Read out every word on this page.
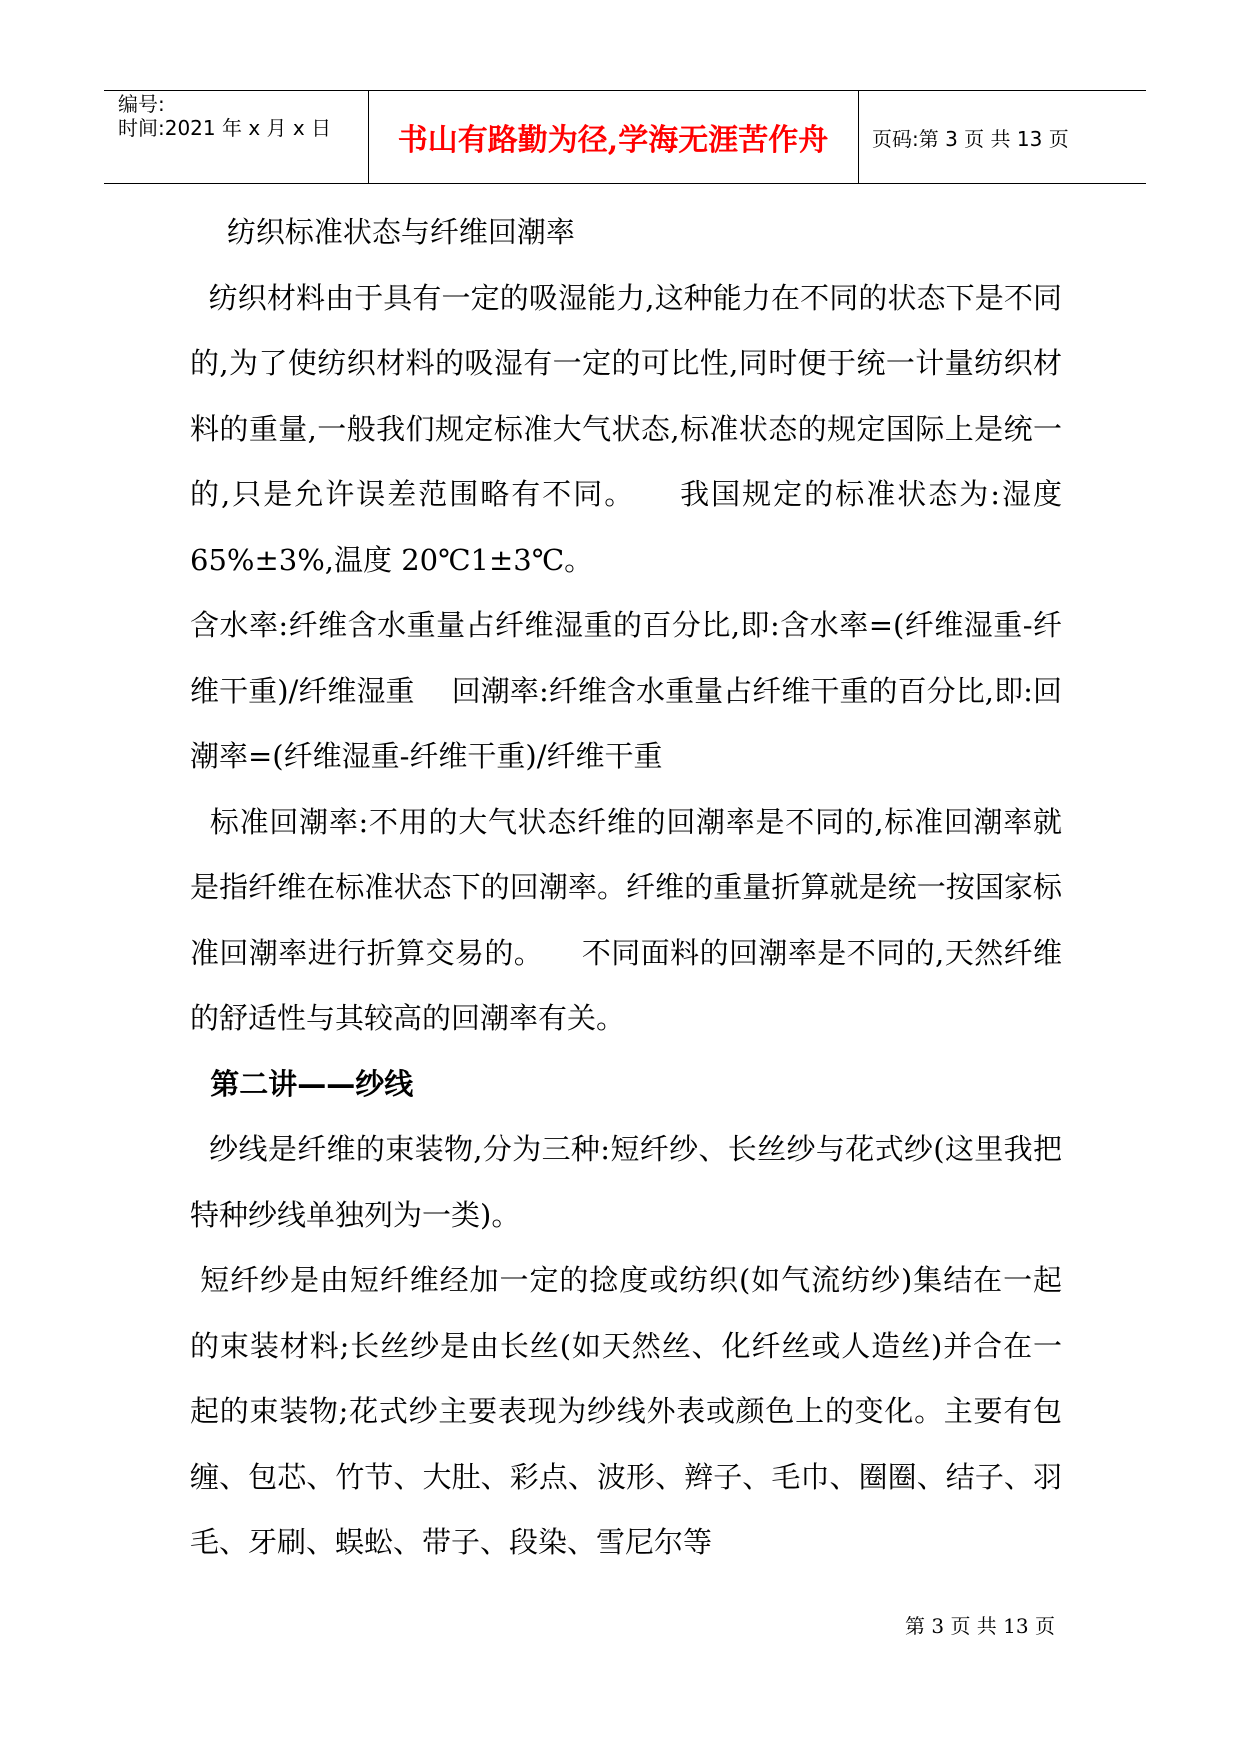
编号:
时间:2021 年 x 月 x 日	书山有路勤为径,学海无涯苦作舟	页码:第 3 页 共 13 页

纺织标准状态与纤维回潮率

纺织材料由于具有一定的吸湿能力,这种能力在不同的状态下是不同的,为了使纺织材料的吸湿有一定的可比性,同时便于统一计量纺织材料的重量,一般我们规定标准大气状态,标准状态的规定国际上是统一的,只是允许误差范围略有不同。    我国规定的标准状态为:湿度 65%±3%,温度 20℃1±3℃。

含水率:纤维含水重量占纤维湿重的百分比,即:含水率=(纤维湿重-纤维干重)/纤维湿重    回潮率:纤维含水重量占纤维干重的百分比,即:回潮率=(纤维湿重-纤维干重)/纤维干重

标准回潮率:不用的大气状态纤维的回潮率是不同的,标准回潮率就是指纤维在标准状态下的回潮率。纤维的重量折算就是统一按国家标准回潮率进行折算交易的。    不同面料的回潮率是不同的,天然纤维的舒适性与其较高的回潮率有关。

第二讲——纱线

纱线是纤维的束装物,分为三种:短纤纱、长丝纱与花式纱(这里我把特种纱线单独列为一类)。

短纤纱是由短纤维经加一定的捻度或纺织(如气流纺纱)集结在一起的束装材料;长丝纱是由长丝(如天然丝、化纤丝或人造丝)并合在一起的束装物;花式纱主要表现为纱线外表或颜色上的变化。主要有包缠、包芯、竹节、大肚、彩点、波形、辫子、毛巾、圈圈、结子、羽毛、牙刷、蜈蚣、带子、段染、雪尼尔等

第 3 页 共 13 页
